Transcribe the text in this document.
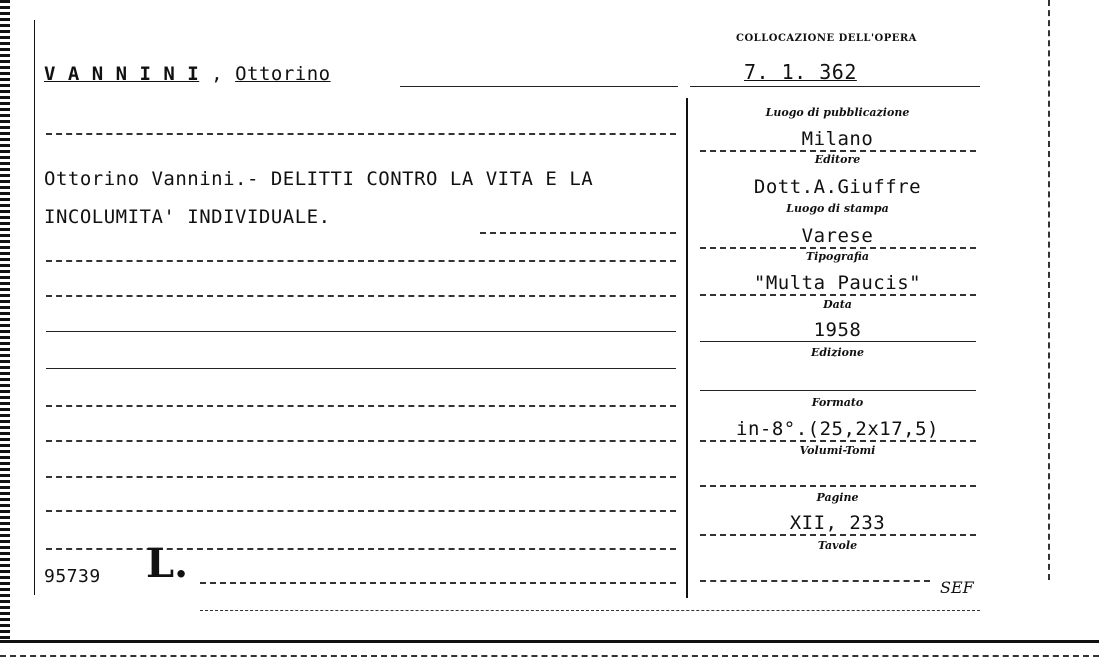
COLLOCAZIONE DELL'OPERA
7. 1. 362
V A N N I N I , Ottorino
Ottorino Vannini.- DELITTI CONTRO LA VITA E LA
INCOLUMITA' INDIVIDUALE.
95739 L.
Luogo di pubblicazione
Milano
Editore
Dott.A.Giuffre
Luogo di stampa
Varese
Tipografia
"Multa Paucis"
Data
1958
Edizione
Formato
in-8°.(25,2x17,5)
Volumi-Tomi
Pagine
XII, 233
Tavole
SEF
